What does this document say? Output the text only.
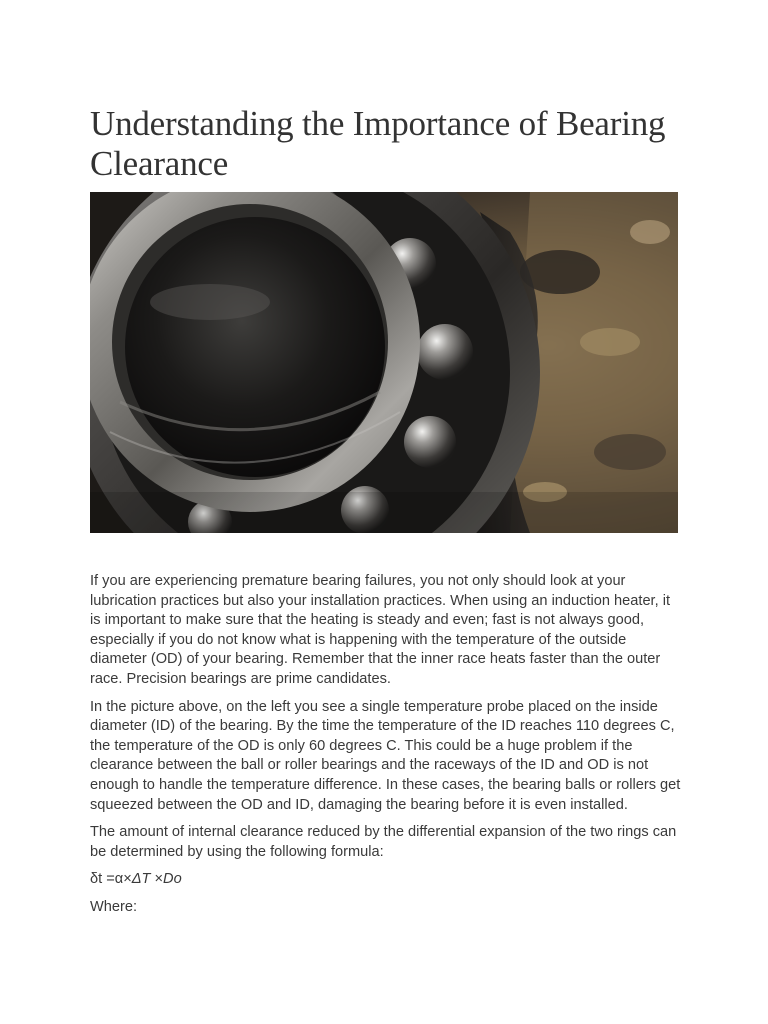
Understanding the Importance of Bearing Clearance

If you are experiencing premature bearing failures, you not only should look at your lubrication practices but also your installation practices. When using an induction heater, it is important to make sure that the heating is steady and even; fast is not always good, especially if you do not know what is happening with the temperature of the outside diameter (OD) of your bearing. Remember that the inner race heats faster than the outer race. Precision bearings are prime candidates.

In the picture above, on the left you see a single temperature probe placed on the inside diameter (ID) of the bearing. By the time the temperature of the ID reaches 110 degrees C, the temperature of the OD is only 60 degrees C. This could be a huge problem if the clearance between the ball or roller bearings and the raceways of the ID and OD is not enough to handle the temperature difference. In these cases, the bearing balls or rollers get squeezed between the OD and ID, damaging the bearing before it is even installed.

The amount of internal clearance reduced by the differential expansion of the two rings can be determined by using the following formula:

δt =α×ΔT ×Do

Where:
